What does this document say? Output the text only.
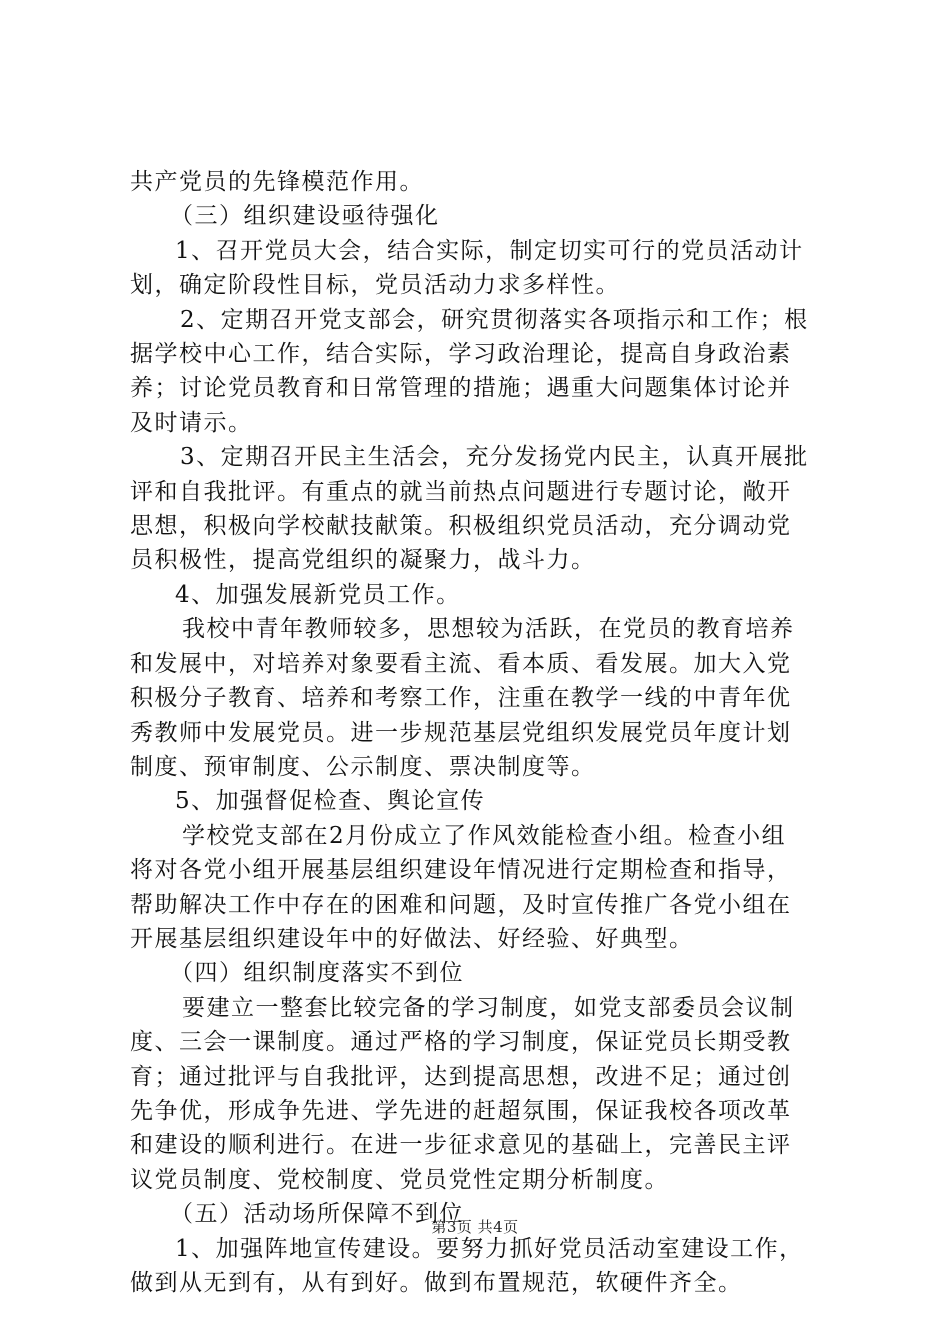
共产党员的先锋模范作用。
（三）组织建设亟待强化
1、召开党员大会，结合实际，制定切实可行的党员活动计
划，确定阶段性目标，党员活动力求多样性。
2、定期召开党支部会，研究贯彻落实各项指示和工作；根
据学校中心工作，结合实际，学习政治理论，提高自身政治素
养；讨论党员教育和日常管理的措施；遇重大问题集体讨论并
及时请示。
3、定期召开民主生活会，充分发扬党内民主，认真开展批
评和自我批评。有重点的就当前热点问题进行专题讨论，敞开
思想，积极向学校献技献策。积极组织党员活动，充分调动党
员积极性，提高党组织的凝聚力，战斗力。
4、加强发展新党员工作。
我校中青年教师较多，思想较为活跃，在党员的教育培养
和发展中，对培养对象要看主流、看本质、看发展。加大入党
积极分子教育、培养和考察工作，注重在教学一线的中青年优
秀教师中发展党员。进一步规范基层党组织发展党员年度计划
制度、预审制度、公示制度、票决制度等。
5、加强督促检查、舆论宣传
学校党支部在2月份成立了作风效能检查小组。检查小组
将对各党小组开展基层组织建设年情况进行定期检查和指导，
帮助解决工作中存在的困难和问题，及时宣传推广各党小组在
开展基层组织建设年中的好做法、好经验、好典型。
（四）组织制度落实不到位
要建立一整套比较完备的学习制度，如党支部委员会议制
度、三会一课制度。通过严格的学习制度，保证党员长期受教
育；通过批评与自我批评，达到提高思想，改进不足；通过创
先争优，形成争先进、学先进的赶超氛围，保证我校各项改革
和建设的顺利进行。在进一步征求意见的基础上，完善民主评
议党员制度、党校制度、党员党性定期分析制度。
（五）活动场所保障不到位
1、加强阵地宣传建设。要努力抓好党员活动室建设工作，
做到从无到有，从有到好。做到布置规范，软硬件齐全。
第3页 共4页
